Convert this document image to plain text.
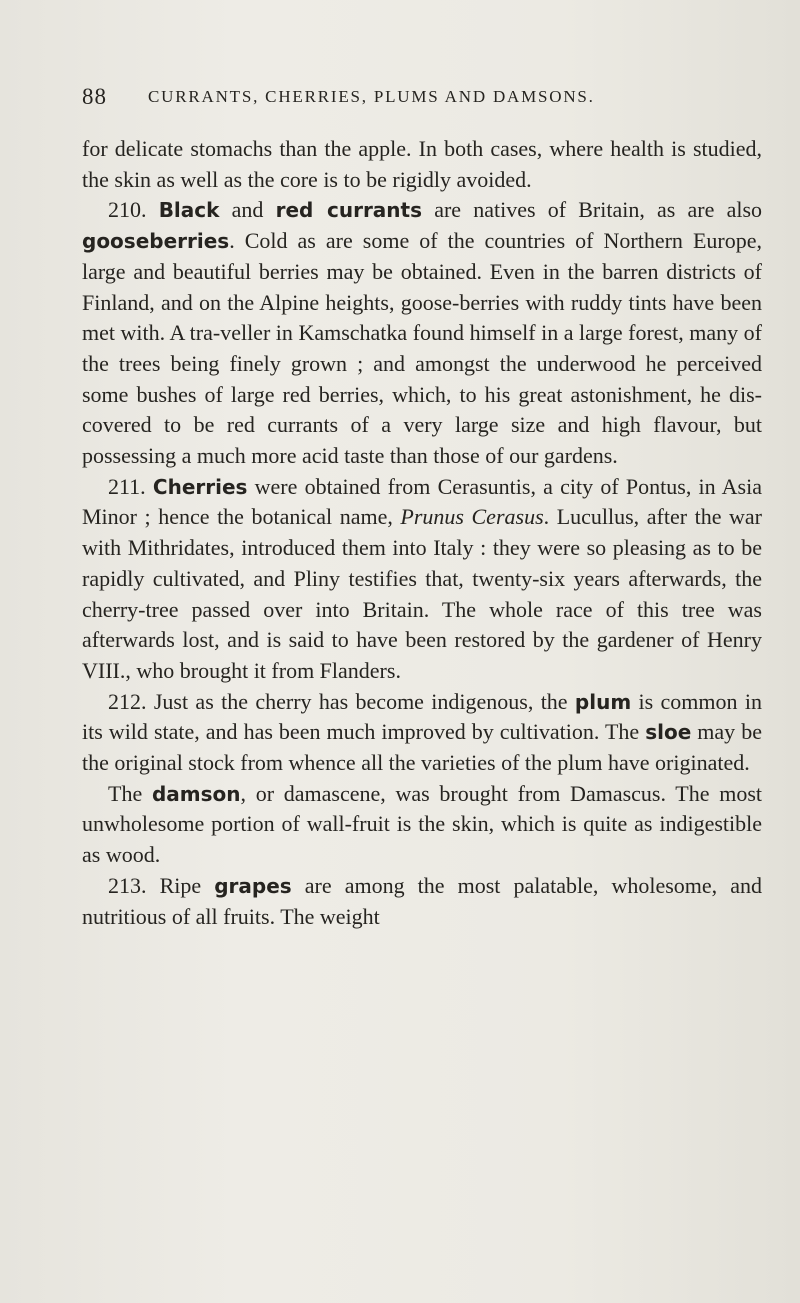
88 CURRANTS, CHERRIES, PLUMS AND DAMSONS.

for delicate stomachs than the apple. In both cases, where health is studied, the skin as well as the core is to be rigidly avoided.

210. Black and red currants are natives of Britain, as are also gooseberries. Cold as are some of the countries of Northern Europe, large and beautiful berries may be obtained. Even in the barren districts of Finland, and on the Alpine heights, goose-berries with ruddy tints have been met with. A tra-veller in Kamschatka found himself in a large forest, many of the trees being finely grown ; and amongst the underwood he perceived some bushes of large red berries, which, to his great astonishment, he dis-covered to be red currants of a very large size and high flavour, but possessing a much more acid taste than those of our gardens.

211. Cherries were obtained from Cerasuntis, a city of Pontus, in Asia Minor ; hence the botanical name, Prunus Cerasus. Lucullus, after the war with Mithridates, introduced them into Italy : they were so pleasing as to be rapidly cultivated, and Pliny testifies that, twenty-six years afterwards, the cherry-tree passed over into Britain. The whole race of this tree was afterwards lost, and is said to have been restored by the gardener of Henry VIII., who brought it from Flanders.

212. Just as the cherry has become indigenous, the plum is common in its wild state, and has been much improved by cultivation. The sloe may be the original stock from whence all the varieties of the plum have originated.

The damson, or damascene, was brought from Damascus. The most unwholesome portion of wall-fruit is the skin, which is quite as indigestible as wood.

213. Ripe grapes are among the most palatable, wholesome, and nutritious of all fruits. The weight
